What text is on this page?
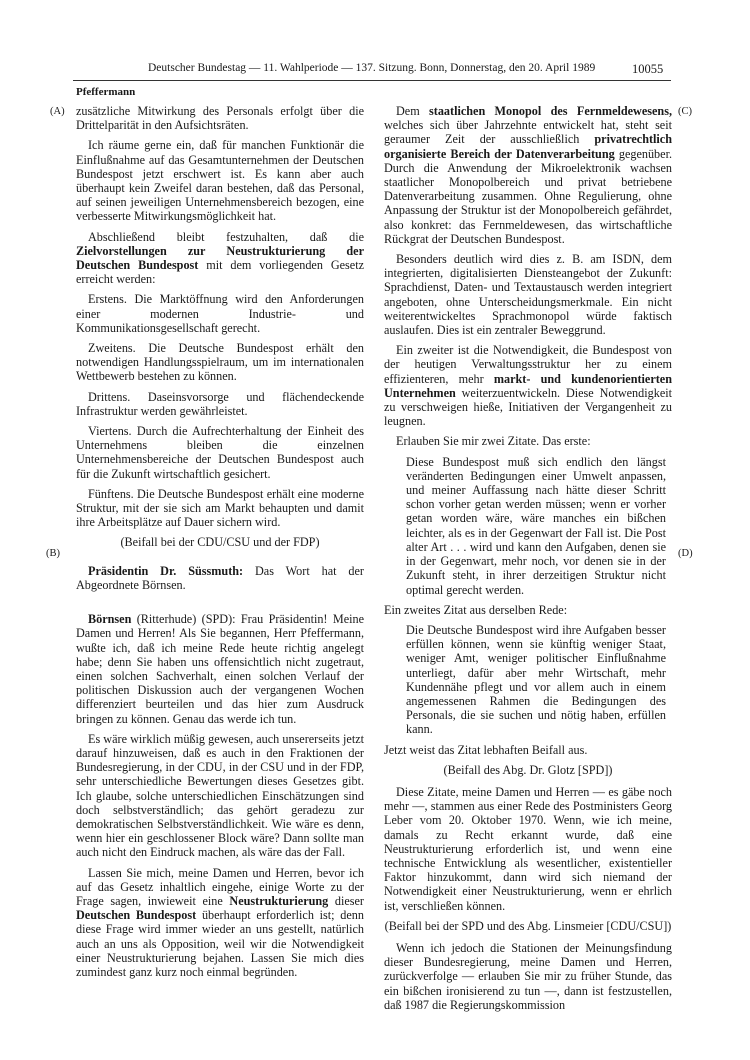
Deutscher Bundestag — 11. Wahlperiode — 137. Sitzung. Bonn, Donnerstag, den 20. April 1989	10055
Pfeffermann
(A)
(B)
(C)
(D)

zusätzliche Mitwirkung des Personals erfolgt über die Drittelparität in den Aufsichtsräten.

Ich räume gerne ein, daß für manchen Funktionär die Einflußnahme auf das Gesamtunternehmen der Deutschen Bundespost jetzt erschwert ist. Es kann aber auch überhaupt kein Zweifel daran bestehen, daß das Personal, auf seinen jeweiligen Unternehmensbereich bezogen, eine verbesserte Mitwirkungsmöglichkeit hat.

Abschließend bleibt festzuhalten, daß die Zielvorstellungen zur Neustrukturierung der Deutschen Bundespost mit dem vorliegenden Gesetz erreicht werden:

Erstens. Die Marktöffnung wird den Anforderungen einer modernen Industrie- und Kommunikationsgesellschaft gerecht.

Zweitens. Die Deutsche Bundespost erhält den notwendigen Handlungsspielraum, um im internationalen Wettbewerb bestehen zu können.

Drittens. Daseinsvorsorge und flächendeckende Infrastruktur werden gewährleistet.

Viertens. Durch die Aufrechterhaltung der Einheit des Unternehmens bleiben die einzelnen Unternehmensbereiche der Deutschen Bundespost auch für die Zukunft wirtschaftlich gesichert.

Fünftens. Die Deutsche Bundespost erhält eine moderne Struktur, mit der sie sich am Markt behaupten und damit ihre Arbeitsplätze auf Dauer sichern wird.

(Beifall bei der CDU/CSU und der FDP)

Präsidentin Dr. Süssmuth: Das Wort hat der Abgeordnete Börnsen.

Börnsen (Ritterhude) (SPD): Frau Präsidentin! Meine Damen und Herren! Als Sie begannen, Herr Pfeffermann, wußte ich, daß ich meine Rede heute richtig angelegt habe; denn Sie haben uns offensichtlich nicht zugetraut, einen solchen Sachverhalt, einen solchen Verlauf der politischen Diskussion auch der vergangenen Wochen differenziert beurteilen und das hier zum Ausdruck bringen zu können. Genau das werde ich tun.

Es wäre wirklich müßig gewesen, auch unsererseits jetzt darauf hinzuweisen, daß es auch in den Fraktionen der Bundesregierung, in der CDU, in der CSU und in der FDP, sehr unterschiedliche Bewertungen dieses Gesetzes gibt. Ich glaube, solche unterschiedlichen Einschätzungen sind doch selbstverständlich; das gehört geradezu zur demokratischen Selbstverständlichkeit. Wie wäre es denn, wenn hier ein geschlossener Block wäre? Dann sollte man auch nicht den Eindruck machen, als wäre das der Fall.

Lassen Sie mich, meine Damen und Herren, bevor ich auf das Gesetz inhaltlich eingehe, einige Worte zu der Frage sagen, inwieweit eine Neustrukturierung dieser Deutschen Bundespost überhaupt erforderlich ist; denn diese Frage wird immer wieder an uns gestellt, natürlich auch an uns als Opposition, weil wir die Notwendigkeit einer Neustrukturierung bejahen. Lassen Sie mich dies zumindest ganz kurz noch einmal begründen.

Dem staatlichen Monopol des Fernmeldewesens, welches sich über Jahrzehnte entwickelt hat, steht seit geraumer Zeit der ausschließlich privatrechtlich organisierte Bereich der Datenverarbeitung gegenüber. Durch die Anwendung der Mikroelektronik wachsen staatlicher Monopolbereich und privat betriebene Datenverarbeitung zusammen. Ohne Regulierung, ohne Anpassung der Struktur ist der Monopolbereich gefährdet, also konkret: das Fernmeldewesen, das wirtschaftliche Rückgrat der Deutschen Bundespost.

Besonders deutlich wird dies z. B. am ISDN, dem integrierten, digitalisierten Diensteangebot der Zukunft: Sprachdienst, Daten- und Textaustausch werden integriert angeboten, ohne Unterscheidungsmerkmale. Ein nicht weiterentwickeltes Sprachmonopol würde faktisch auslaufen. Dies ist ein zentraler Beweggrund.

Ein zweiter ist die Notwendigkeit, die Bundespost von der heutigen Verwaltungsstruktur her zu einem effizienteren, mehr markt- und kundenorientierten Unternehmen weiterzuentwickeln. Diese Notwendigkeit zu verschweigen hieße, Initiativen der Vergangenheit zu leugnen.

Erlauben Sie mir zwei Zitate. Das erste:

Diese Bundespost muß sich endlich den längst veränderten Bedingungen einer Umwelt anpassen, und meiner Auffassung nach hätte dieser Schritt schon vorher getan werden müssen; wenn er vorher getan worden wäre, wäre manches ein bißchen leichter, als es in der Gegenwart der Fall ist. Die Post alter Art . . . wird und kann den Aufgaben, denen sie in der Gegenwart, mehr noch, vor denen sie in der Zukunft steht, in ihrer derzeitigen Struktur nicht optimal gerecht werden.

Ein zweites Zitat aus derselben Rede:

Die Deutsche Bundespost wird ihre Aufgaben besser erfüllen können, wenn sie künftig weniger Staat, weniger Amt, weniger politischer Einflußnahme unterliegt, dafür aber mehr Wirtschaft, mehr Kundennähe pflegt und vor allem auch in einem angemessenen Rahmen die Bedingungen des Personals, die sie suchen und nötig haben, erfüllen kann.

Jetzt weist das Zitat lebhaften Beifall aus.

(Beifall des Abg. Dr. Glotz [SPD])

Diese Zitate, meine Damen und Herren — es gäbe noch mehr —, stammen aus einer Rede des Postministers Georg Leber vom 20. Oktober 1970. Wenn, wie ich meine, damals zu Recht erkannt wurde, daß eine Neustrukturierung erforderlich ist, und wenn eine technische Entwicklung als wesentlicher, existentieller Faktor hinzukommt, dann wird sich niemand der Notwendigkeit einer Neustrukturierung, wenn er ehrlich ist, verschließen können.

(Beifall bei der SPD und des Abg. Linsmeier [CDU/CSU])

Wenn ich jedoch die Stationen der Meinungsfindung dieser Bundesregierung, meine Damen und Herren, zurückverfolge — erlauben Sie mir zu früher Stunde, das ein bißchen ironisierend zu tun —, dann ist festzustellen, daß 1987 die Regierungskommission
